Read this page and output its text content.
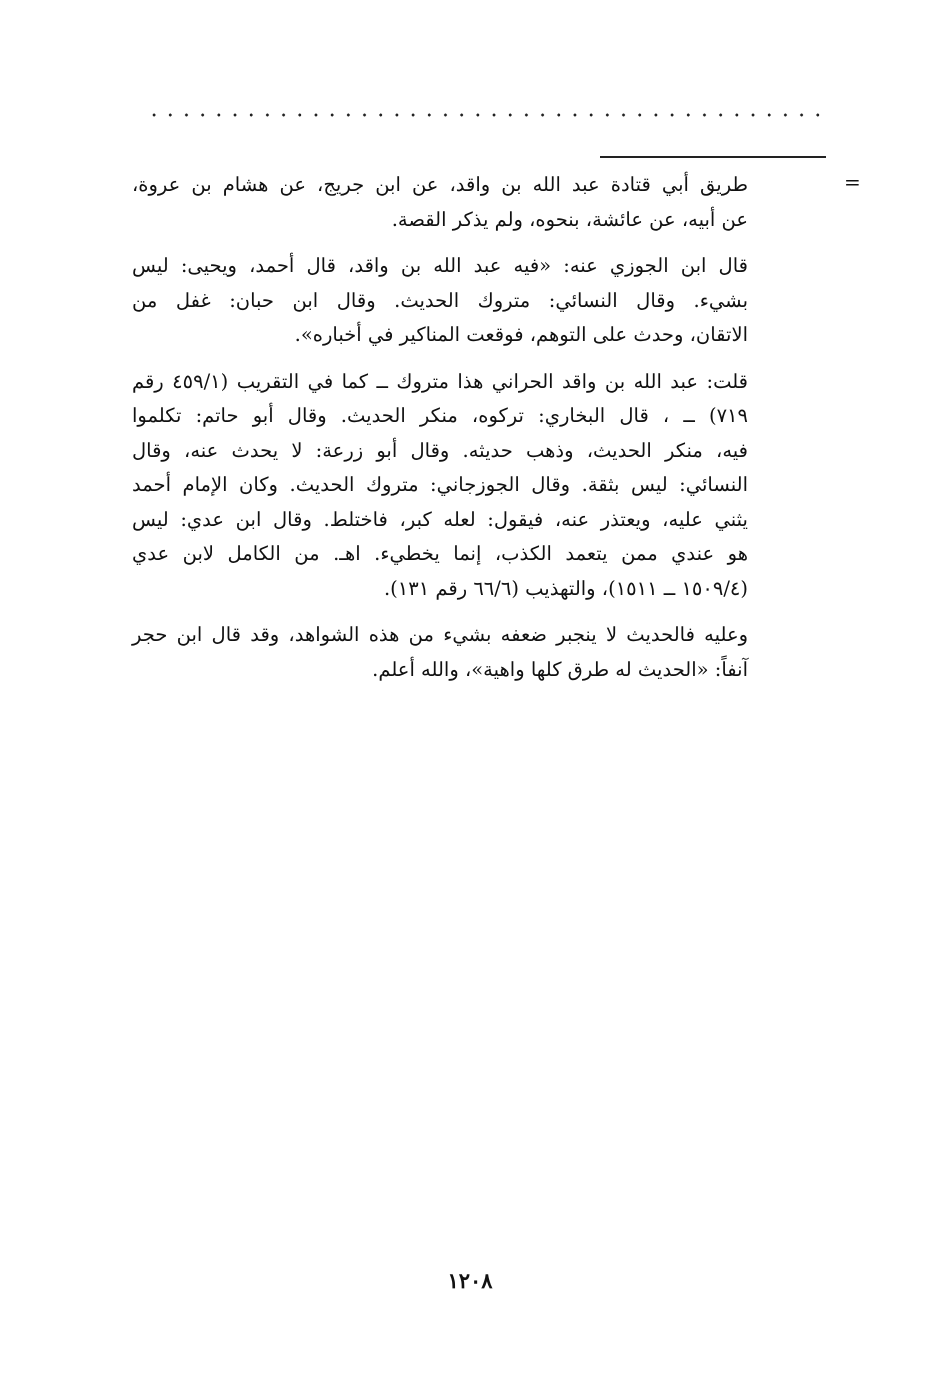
=

طريق أبي قتادة عبد الله بن واقد، عن ابن جريج، عن هشام بن عروة،
عن أبيه، عن عائشة، بنحوه، ولم يذكر القصة.

قال ابن الجوزي عنه: «فيه عبد الله بن واقد، قال أحمد، ويحيى: ليس
بشيء. وقال النسائي: متروك الحديث. وقال ابن حبان: غفل من
الاتقان، وحدث على التوهم، فوقعت المناكير في أخباره».

قلت: عبد الله بن واقد الحراني هذا متروك ــ كما في التقريب (٤٥٩/١ رقم
٧١٩) ــ ، قال البخاري: تركوه، منكر الحديث. وقال أبو حاتم: تكلموا
فيه، منكر الحديث، وذهب حديثه. وقال أبو زرعة: لا يحدث عنه، وقال
النسائي: ليس بثقة. وقال الجوزجاني: متروك الحديث. وكان الإمام أحمد
يثني عليه، ويعتذر عنه، فيقول: لعله كبر، فاختلط. وقال ابن عدي: ليس
هو عندي ممن يتعمد الكذب، إنما يخطيء. اهـ. من الكامل لابن عدي
(١٥٠٩/٤ ــ ١٥١١)، والتهذيب (٦٦/٦ رقم ١٣١).

وعليه فالحديث لا ينجبر ضعفه بشيء من هذه الشواهد، وقد قال ابن حجر
آنفاً: «الحديث له طرق كلها واهية»، والله أعلم.

١٢٠٨
